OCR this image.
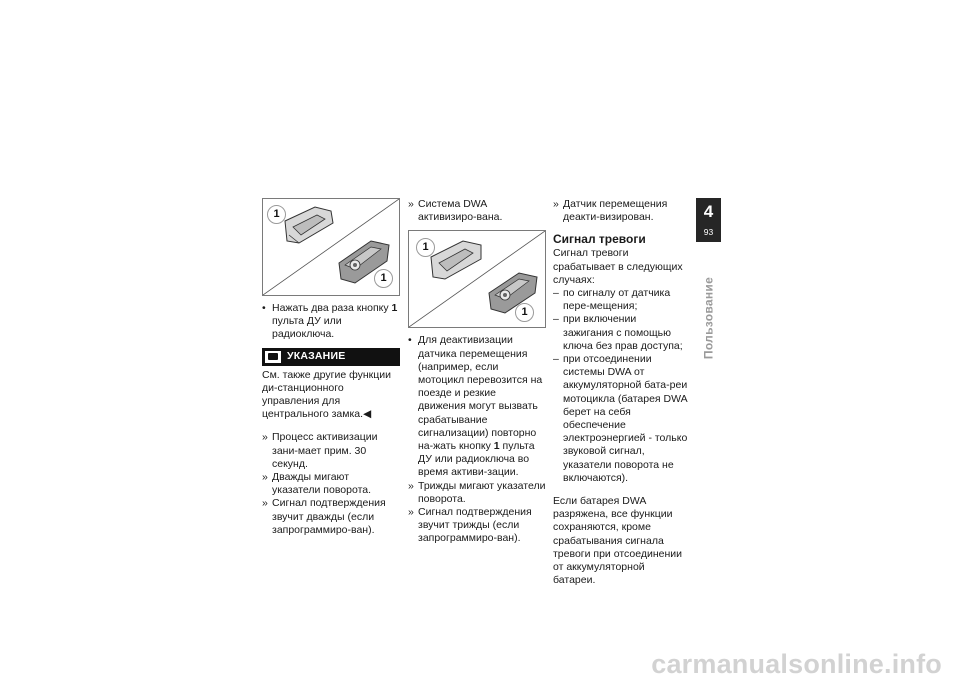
1
1

• Нажать два раза кнопку 1
пульта ДУ или радиоключа.

УКАЗАНИЕ

См. также другие функции ди-станционного управления для центрального замка.◀

» Процесс активизации зани-мает прим. 30 секунд.

» Дважды мигают указатели поворота.

» Сигнал подтверждения звучит дважды (если запрограммиро-ван).

» Система DWA активизиро-вана.

1
1

• Для деактивизации датчика перемещения (например, если мотоцикл перевозится на поезде и резкие движения могут вызвать срабатывание сигнализации) повторно на-жать кнопку 1 пульта ДУ или радиоключа во время активи-зации.

» Трижды мигают указатели поворота.

» Сигнал подтверждения звучит трижды (если запрограммиро-ван).

» Датчик перемещения деакти-визирован.

Сигнал тревоги

Сигнал тревоги срабатывает в следующих случаях:

– по сигналу от датчика пере-мещения;

– при включении зажигания с помощью ключа без прав доступа;

– при отсоединении системы DWA от аккумуляторной бата-реи мотоцикла (батарея DWA берет на себя обеспечение электроэнергией - только звуковой сигнал, указатели поворота не включаются).

Если батарея DWA разряжена, все функции сохраняются, кроме срабатывания сигнала тревоги при отсоединении от аккумуляторной батареи.

4
93
Пользование
carmanualsonline.info
